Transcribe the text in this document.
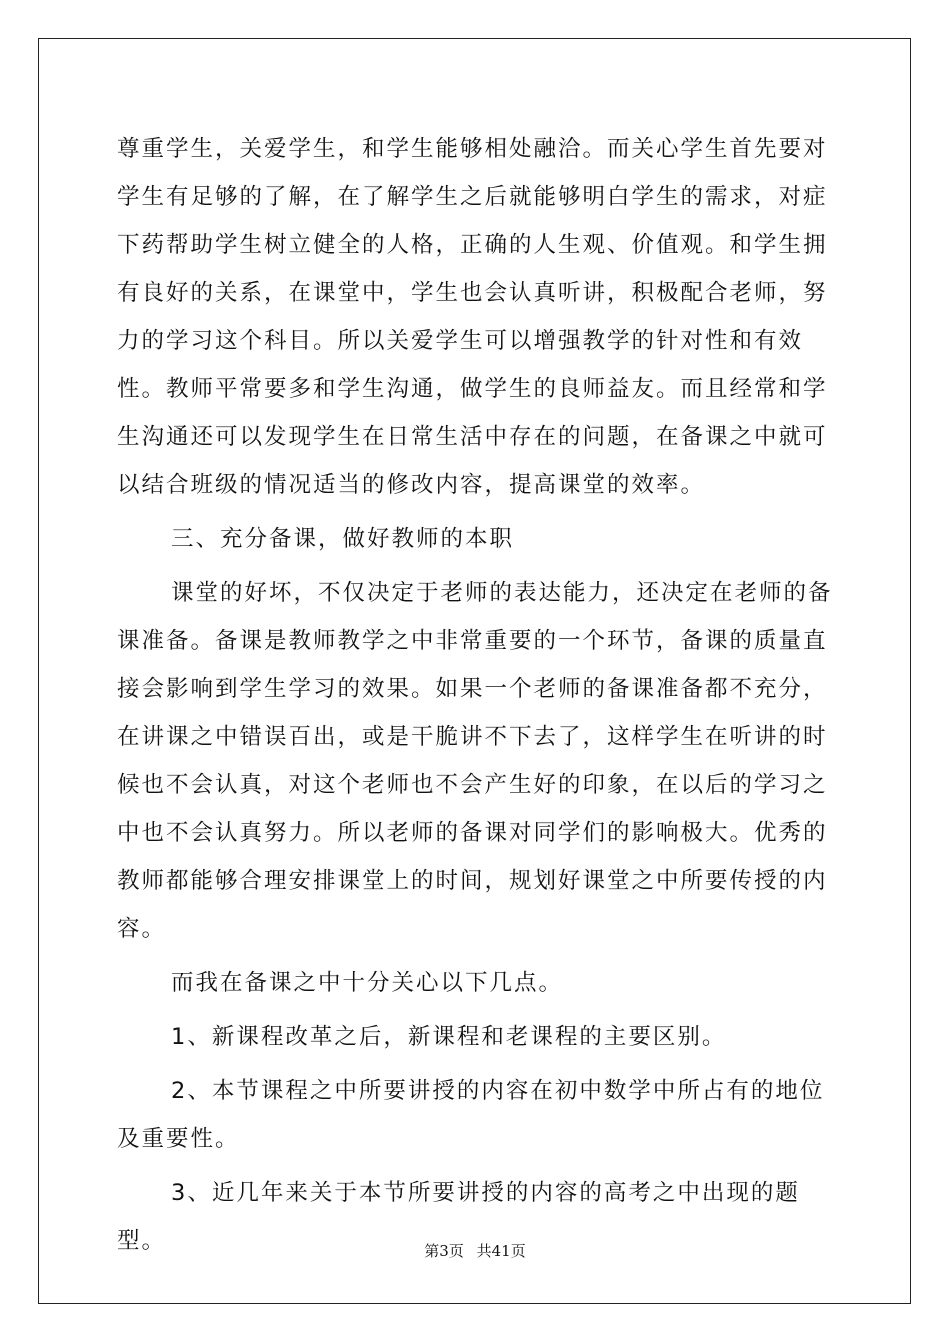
尊重学生，关爱学生，和学生能够相处融洽。而关心学生首先要对学生有足够的了解，在了解学生之后就能够明白学生的需求，对症下药帮助学生树立健全的人格，正确的人生观、价值观。和学生拥有良好的关系，在课堂中，学生也会认真听讲，积极配合老师，努力的学习这个科目。所以关爱学生可以增强教学的针对性和有效性。教师平常要多和学生沟通，做学生的良师益友。而且经常和学生沟通还可以发现学生在日常生活中存在的问题，在备课之中就可以结合班级的情况适当的修改内容，提高课堂的效率。

三、充分备课，做好教师的本职

课堂的好坏，不仅决定于老师的表达能力，还决定在老师的备课准备。备课是教师教学之中非常重要的一个环节，备课的质量直接会影响到学生学习的效果。如果一个老师的备课准备都不充分，在讲课之中错误百出，或是干脆讲不下去了，这样学生在听讲的时候也不会认真，对这个老师也不会产生好的印象，在以后的学习之中也不会认真努力。所以老师的备课对同学们的影响极大。优秀的教师都能够合理安排课堂上的时间，规划好课堂之中所要传授的内容。

而我在备课之中十分关心以下几点。

1、新课程改革之后，新课程和老课程的主要区别。

2、本节课程之中所要讲授的内容在初中数学中所占有的地位及重要性。

3、近几年来关于本节所要讲授的内容的高考之中出现的题型。	第3页 共41页
